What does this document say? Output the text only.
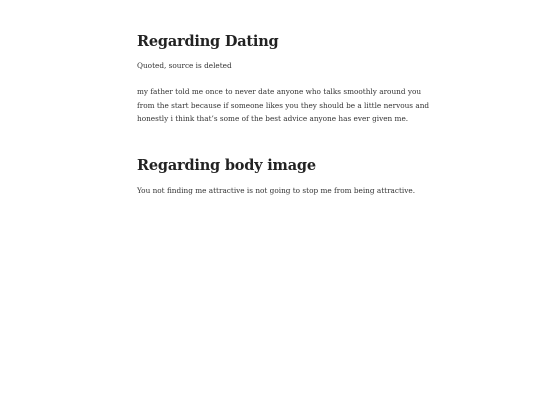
Regarding Dating

Quoted, source is deleted

my father told me once to never date anyone who talks smoothly around you
from the start because if someone likes you they should be a little nervous and
honestly i think that’s some of the best advice anyone has ever given me.

Regarding body image

You not finding me attractive is not going to stop me from being attractive.
